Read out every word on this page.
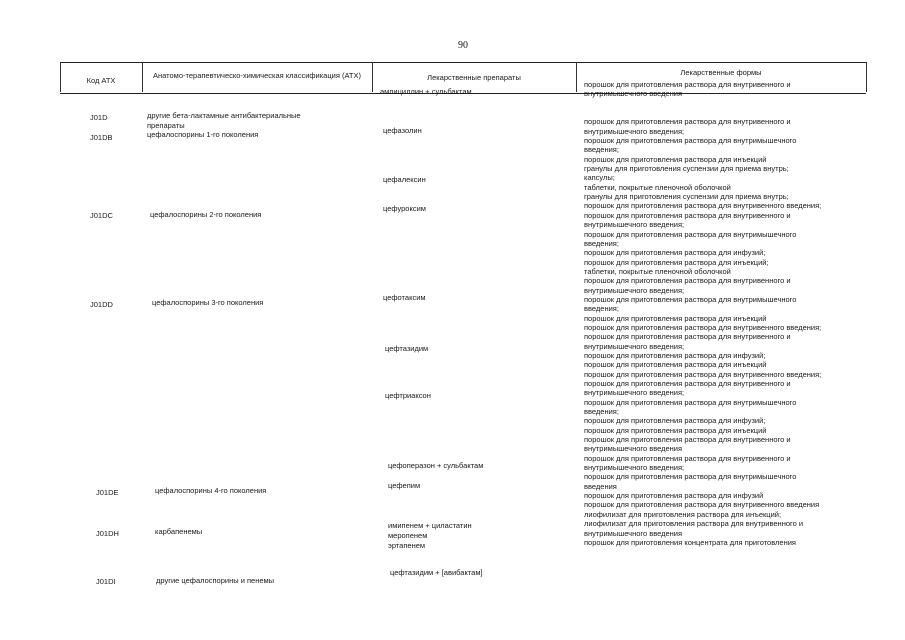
90
Код АТХ
Анатомо-терапевтическо-химическая классификация (АТХ)	Лекарственные препараты
Лекарственные формы
J01D
J01DB
J01DC
J01DD
J01DE
J01DH
J01DI
другие бета-лактамные антибактериальные
препараты
цефалоспорины 1-го поколения
цефалоспорины 2-го поколения
цефалоспорины 3-го поколения
цефалоспорины 4-го поколения
карбапенемы
другие цефалоспорины и пенемы
ампициллин + сульбактам
цефазолин
цефалексин
цефуроксим
цефотаксим
цефтазидим
цефтриаксон
цефоперазон + сульбактам
цефепим
имипенем + циластатин
меропенем
эртапенем
цефтазидим + [авибактам]
порошок для приготовления раствора для внутривенного и
внутримышечного введения
порошок для приготовления раствора для внутривенного и
внутримышечного введения;
порошок для приготовления раствора для внутримышечного
введения;
порошок для приготовления раствора для инъекций
гранулы для приготовления суспензии для приема внутрь;
капсулы;
таблетки, покрытые пленочной оболочкой
гранулы для приготовления суспензии для приема внутрь;
порошок для приготовления раствора для внутривенного введения;
порошок для приготовления раствора для внутривенного и
внутримышечного введения;
порошок для приготовления раствора для внутримышечного
введения;
порошок для приготовления раствора для инфузий;
порошок для приготовления раствора для инъекций;
таблетки, покрытые пленочной оболочкой
порошок для приготовления раствора для внутривенного и
внутримышечного введения;
порошок для приготовления раствора для внутримышечного
введения;
порошок для приготовления раствора для инъекций
порошок для приготовления раствора для внутривенного введения;
порошок для приготовления раствора для внутривенного и
внутримышечного введения;
порошок для приготовления раствора для инфузий;
порошок для приготовления раствора для инъекций
порошок для приготовления раствора для внутривенного введения;
порошок для приготовления раствора для внутривенного и
внутримышечного введения;
порошок для приготовления раствора для внутримышечного
введения;
порошок для приготовления раствора для инфузий;
порошок для приготовления раствора для инъекций
порошок для приготовления раствора для внутривенного и
внутримышечного введения
порошок для приготовления раствора для внутривенного и
внутримышечного введения;
порошок для приготовления раствора для внутримышечного
введения
порошок для приготовления раствора для инфузий
порошок для приготовления раствора для внутривенного введения
лиофилизат для приготовления раствора для инъекций;
лиофилизат для приготовления раствора для внутривенного и
внутримышечного введения
порошок для приготовления концентрата для приготовления
